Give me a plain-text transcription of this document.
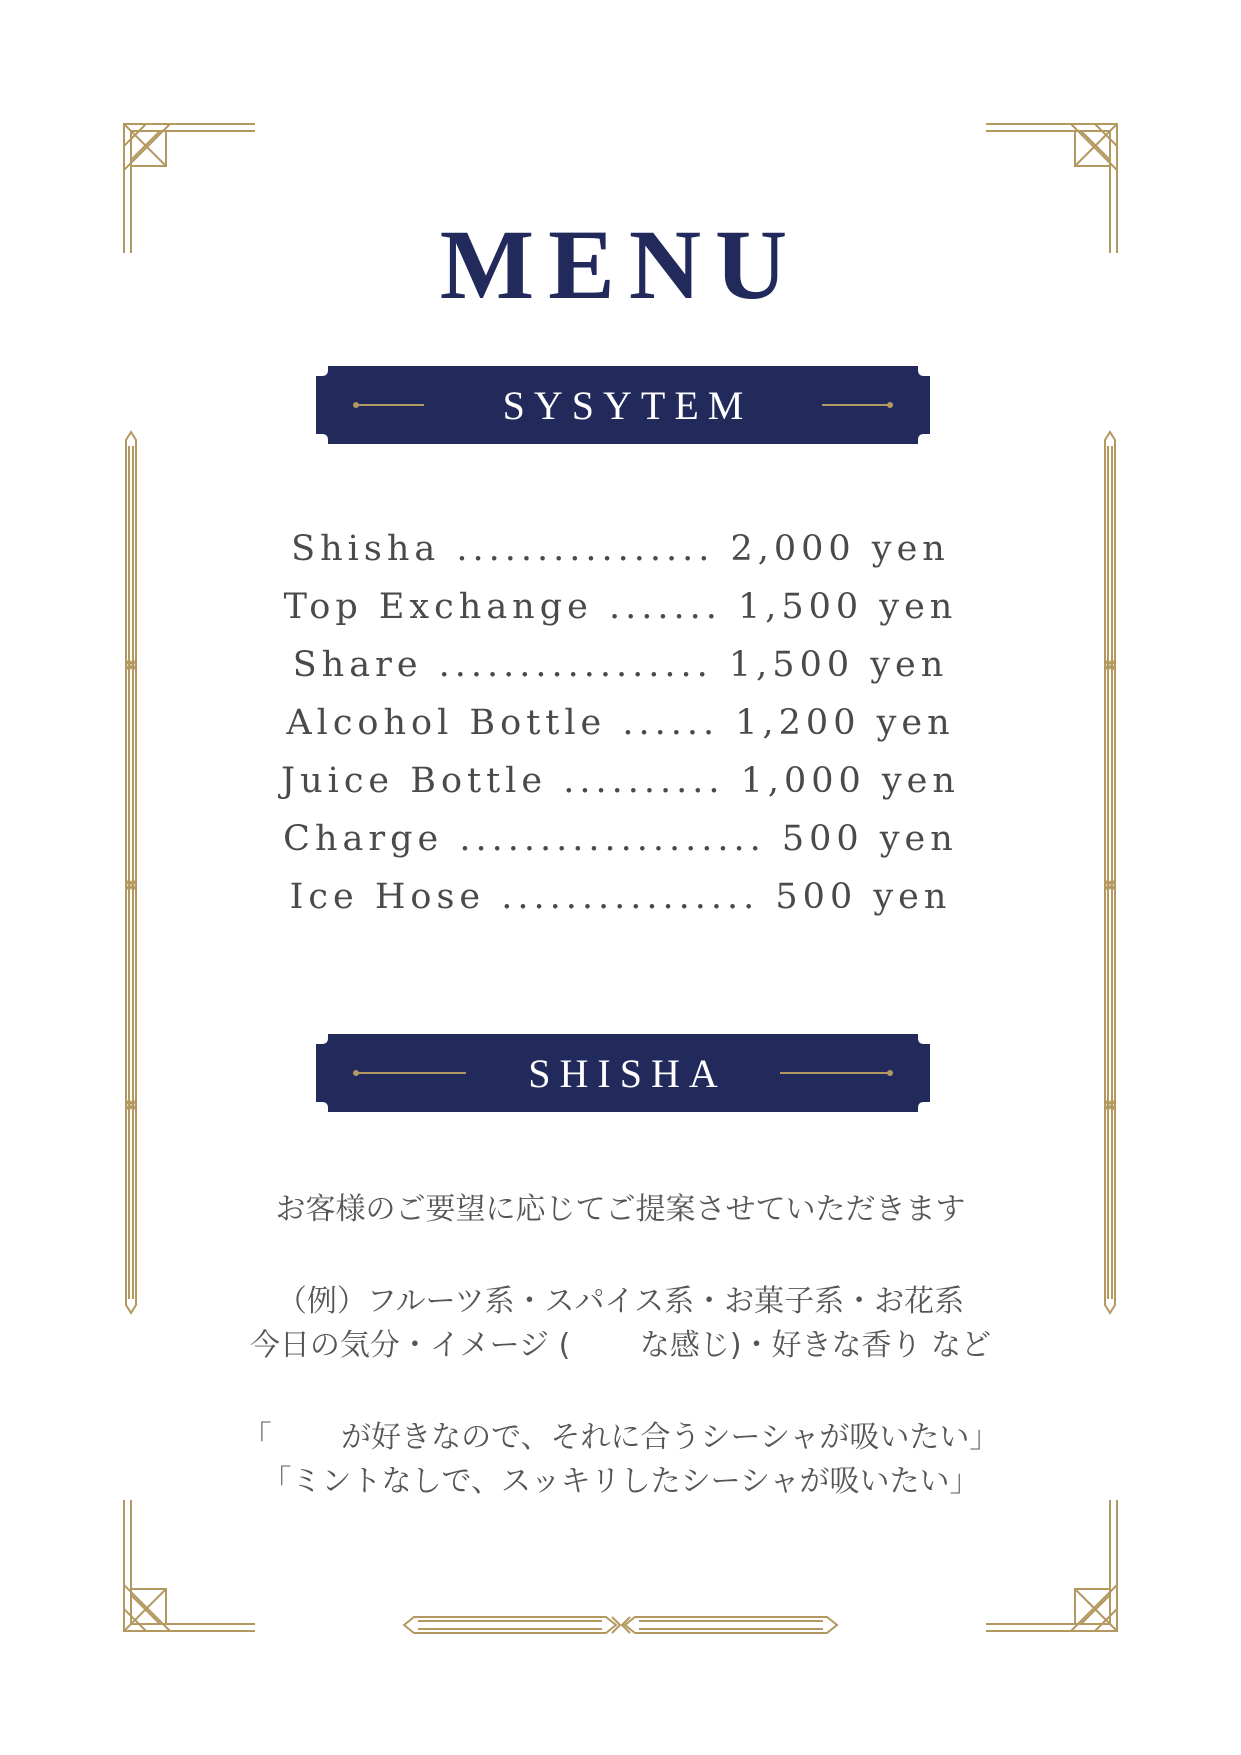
MENU
SYSYTEM
Shisha ................ 2,000 yen
Top Exchange ....... 1,500 yen
Share ................. 1,500 yen
Alcohol Bottle ...... 1,200 yen
Juice Bottle .......... 1,000 yen
Charge ................... 500 yen
Ice Hose ................ 500 yen
SHISHA
お客様のご要望に応じてご提案させていただきます
（例）フルーツ系・スパイス系・お菓子系・お花系
今日の気分・イメージ (　　 な感じ)・好きな香り など
「　　 が好きなので、それに合うシーシャが吸いたい」
「ミントなしで、スッキリしたシーシャが吸いたい」
